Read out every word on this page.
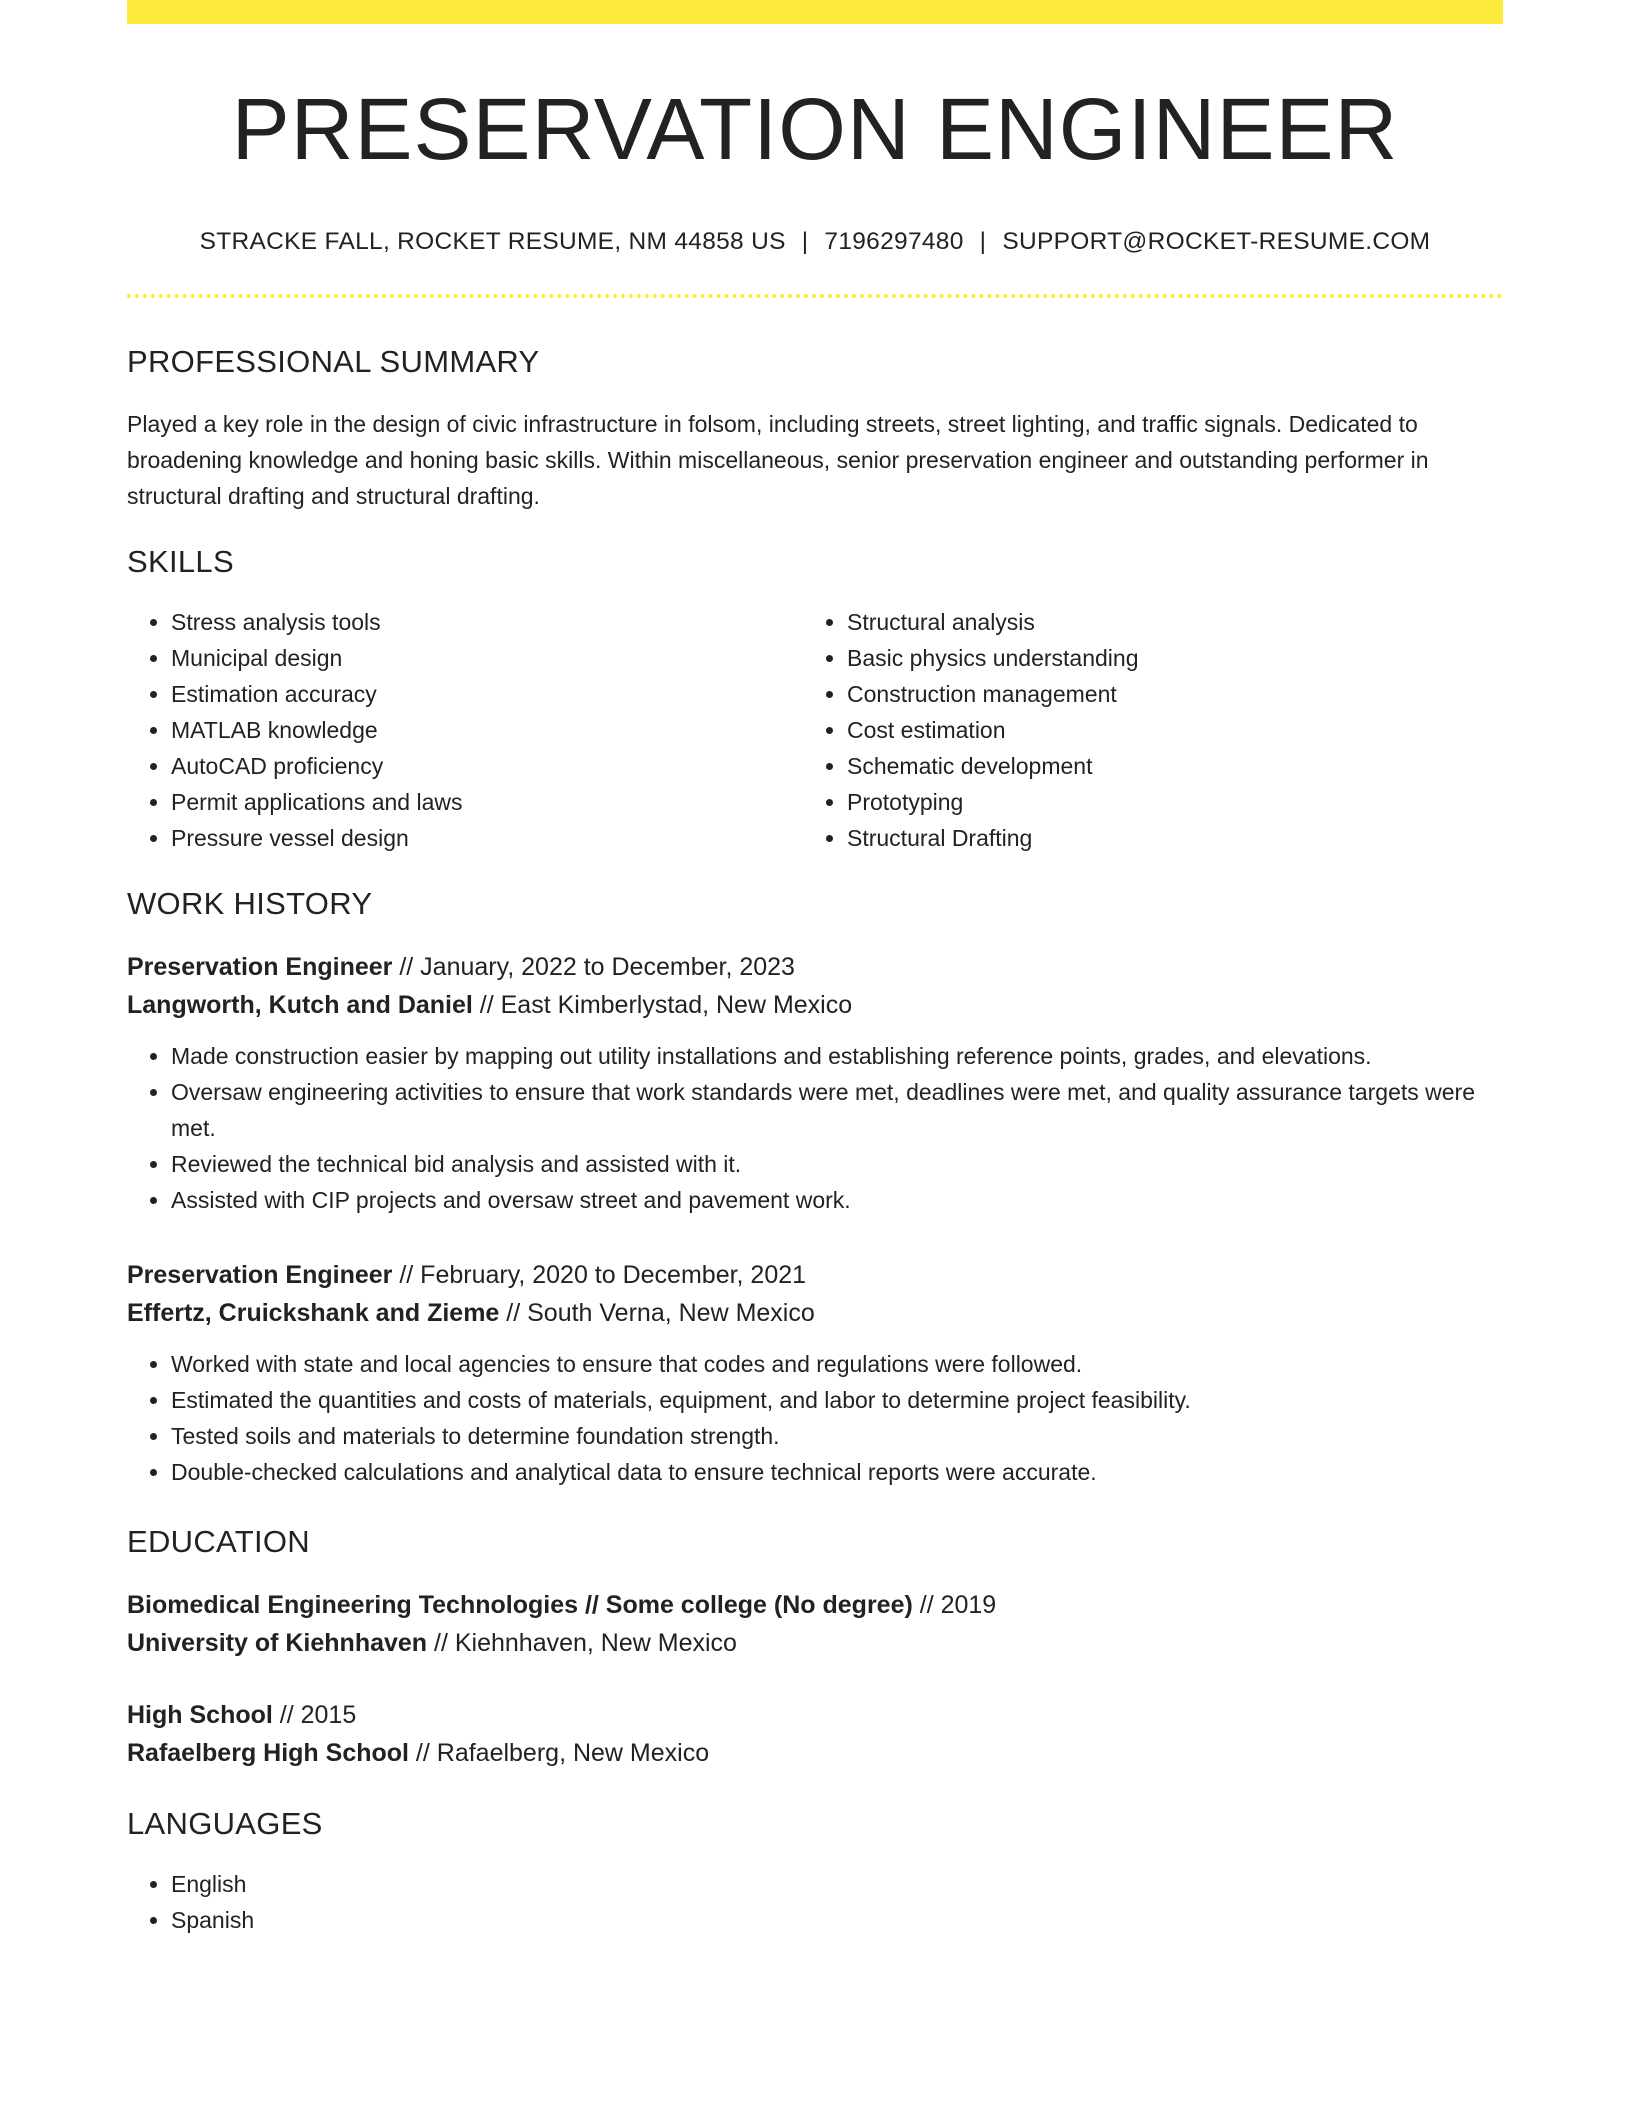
PRESERVATION ENGINEER
STRACKE FALL, ROCKET RESUME, NM 44858 US | 7196297480 | SUPPORT@ROCKET-RESUME.COM
PROFESSIONAL SUMMARY
Played a key role in the design of civic infrastructure in folsom, including streets, street lighting, and traffic signals. Dedicated to broadening knowledge and honing basic skills. Within miscellaneous, senior preservation engineer and outstanding performer in structural drafting and structural drafting.
SKILLS
• Stress analysis tools
• Municipal design
• Estimation accuracy
• MATLAB knowledge
• AutoCAD proficiency
• Permit applications and laws
• Pressure vessel design
• Structural analysis
• Basic physics understanding
• Construction management
• Cost estimation
• Schematic development
• Prototyping
• Structural Drafting
WORK HISTORY
Preservation Engineer // January, 2022 to December, 2023
Langworth, Kutch and Daniel // East Kimberlystad, New Mexico
• Made construction easier by mapping out utility installations and establishing reference points, grades, and elevations.
• Oversaw engineering activities to ensure that work standards were met, deadlines were met, and quality assurance targets were met.
• Reviewed the technical bid analysis and assisted with it.
• Assisted with CIP projects and oversaw street and pavement work.
Preservation Engineer // February, 2020 to December, 2021
Effertz, Cruickshank and Zieme // South Verna, New Mexico
• Worked with state and local agencies to ensure that codes and regulations were followed.
• Estimated the quantities and costs of materials, equipment, and labor to determine project feasibility.
• Tested soils and materials to determine foundation strength.
• Double-checked calculations and analytical data to ensure technical reports were accurate.
EDUCATION
Biomedical Engineering Technologies // Some college (No degree) // 2019
University of Kiehnhaven // Kiehnhaven, New Mexico
High School // 2015
Rafaelberg High School // Rafaelberg, New Mexico
LANGUAGES
• English
• Spanish
